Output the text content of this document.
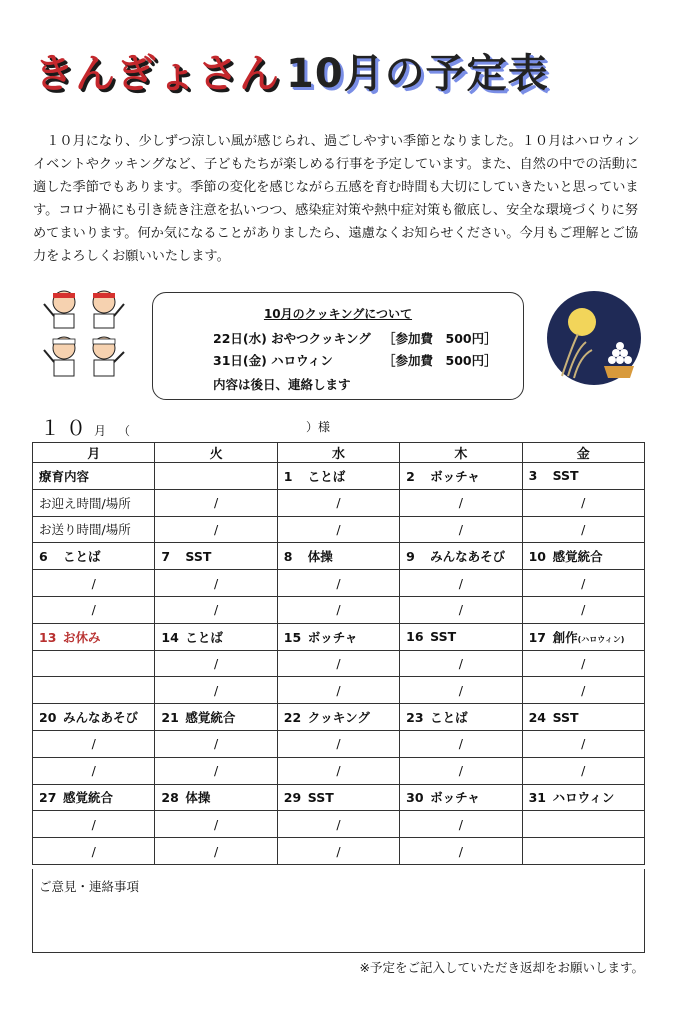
きんぎょさん 10月の予定表

１０月になり、少しずつ涼しい風が感じられ、過ごしやすい季節となりました。１０月はハロウィンイベントやクッキングなど、子どもたちが楽しめる行事を予定しています。また、自然の中での活動に適した季節でもあります。季節の変化を感じながら五感を育む時間も大切にしていきたいと思っています。コロナ禍にも引き続き注意を払いつつ、感染症対策や熱中症対策も徹底し、安全な環境づくりに努めてまいります。何か気になることがありましたら、遠慮なくお知らせください。今月もご理解とご協力をよろしくお願いいたします。

10月のクッキングについて
22日(水) おやつクッキング ［参加費　500円］
31日(金) ハロウィン	［参加費　500円］
内容は後日、連絡します
１０ 月 （	）様
月	火	水	木	金
療育内容		1 ことば	2 ボッチャ	3 SST
お迎え時間/場所	/	/	/	/
お送り時間/場所	/	/	/	/
6 ことば	7 SST	8 体操	9 みんなあそび	10 感覚統合
/	/	/	/	/
/	/	/	/	/
13 お休み	14 ことば	15 ボッチャ	16 SST	17 創作(ハロウィン)
	/	/	/	/
	/	/	/	/
20 みんなあそび	21 感覚統合	22 クッキング	23 ことば	24 SST
/	/	/	/	/
/	/	/	/	/
27 感覚統合	28 体操	29 SST	30 ボッチャ	31 ハロウィン
/	/	/	/	
/	/	/	/	
ご意見・連絡事項
※予定をご記入していただき返却をお願いします。
